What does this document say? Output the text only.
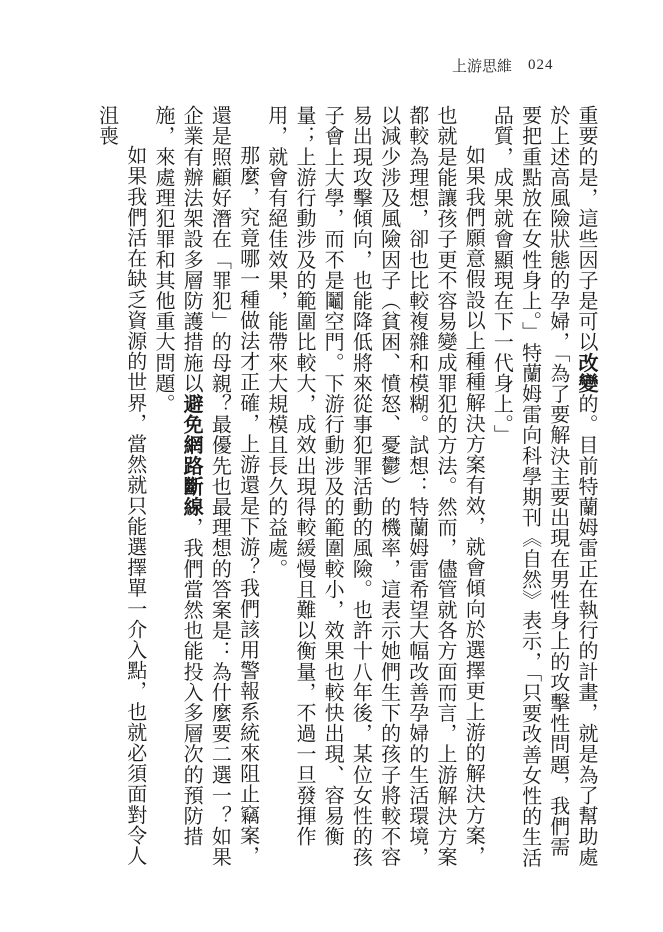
上游思維 024

重要的是，這些因子是可以改變的。目前特蘭姆雷正在執行的計畫，就是為了幫助處於上述高風險狀態的孕婦，「為了要解決主要出現在男性身上的攻擊性問題，我們需要把重點放在女性身上。」特蘭姆雷向科學期刊《自然》表示，「只要改善女性的生活品質，成果就會顯現在下一代身上。」

如果我們願意假設以上種種解決方案有效，就會傾向於選擇更上游的解決方案，也就是能讓孩子更不容易變成罪犯的方法。然而，儘管就各方面而言，上游解決方案都較為理想，卻也比較複雜和模糊。試想：特蘭姆雷希望大幅改善孕婦的生活環境，以減少涉及風險因子（貧困、憤怒、憂鬱）的機率，這表示她們生下的孩子將較不容易出現攻擊傾向，也能降低將來從事犯罪活動的風險。也許十八年後，某位女性的孩子會上大學，而不是鬮空門。下游行動涉及的範圍較小，效果也較快出現、容易衡量；上游行動涉及的範圍比較大，成效出現得較緩慢且難以衡量，不過一旦發揮作用，就會有絕佳效果，能帶來大規模且長久的益處。

那麼，究竟哪一種做法才正確，上游還是下游？我們該用警報系統來阻止竊案，還是照顧好潛在「罪犯」的母親？最優先也最理想的答案是：為什麼要二選一？如果企業有辦法架設多層防護措施以避免網路斷線，我們當然也能投入多層次的預防措施，來處理犯罪和其他重大問題。

如果我們活在缺乏資源的世界，當然就只能選擇單一介入點，也就必須面對令人沮喪
